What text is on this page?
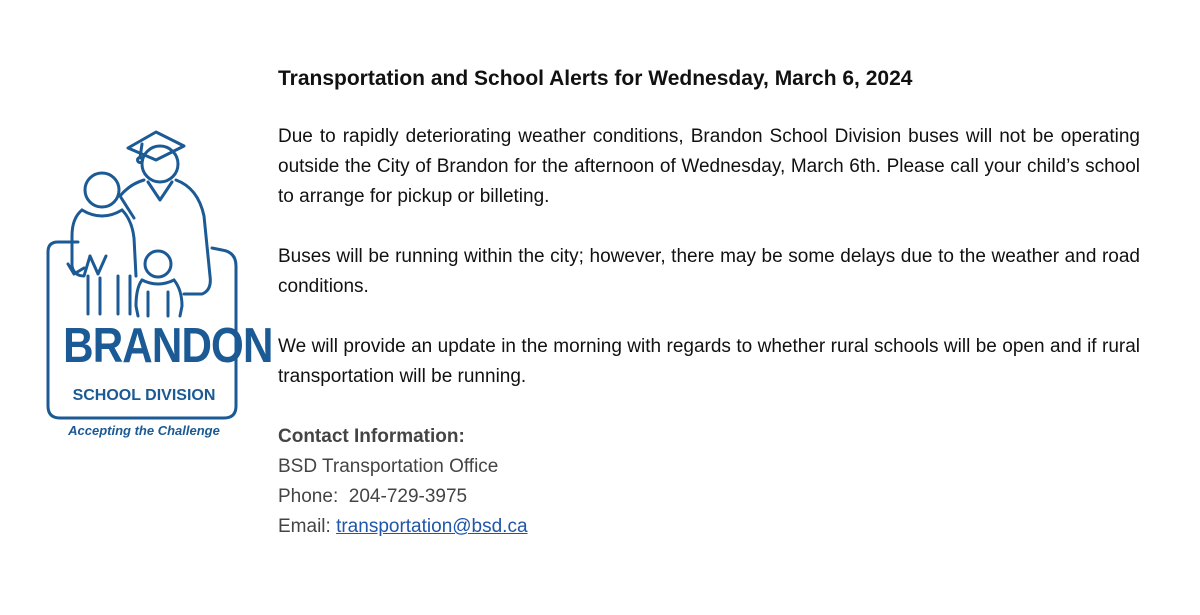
BRANDON
SCHOOL DIVISION
Accepting the Challenge
Transportation and School Alerts for Wednesday, March 6, 2024

Due to rapidly deteriorating weather conditions, Brandon School Division buses will not be operating outside the City of Brandon for the afternoon of Wednesday, March 6th. Please call your child’s school to arrange for pickup or billeting.

Buses will be running within the city; however, there may be some delays due to the weather and road conditions.

We will provide an update in the morning with regards to whether rural schools will be open and if rural transportation will be running.

Contact Information:
BSD Transportation Office
Phone: 204-729-3975
Email: transportation@bsd.ca
